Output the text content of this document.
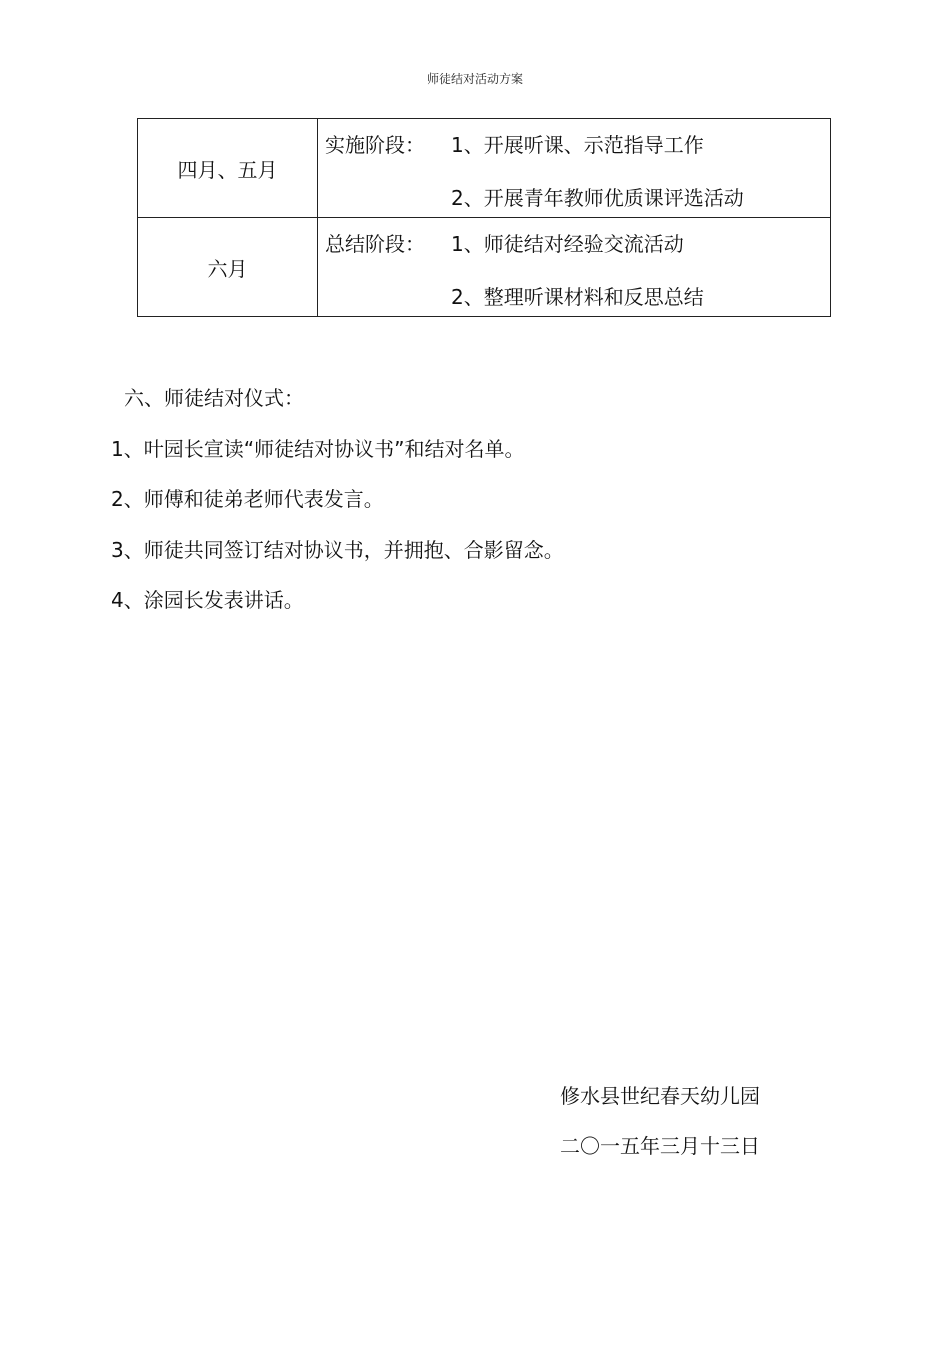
师徒结对活动方案
四月、五月	实施阶段： 1、开展听课、示范指导工作
2、开展青年教师优质课评选活动

六月	总结阶段： 1、师徒结对经验交流活动
2、整理听课材料和反思总结
六、师徒结对仪式：
1、叶园长宣读“师徒结对协议书”和结对名单。
2、师傅和徒弟老师代表发言。
3、师徒共同签订结对协议书，并拥抱、合影留念。
4、涂园长发表讲话。
修水县世纪春天幼儿园
二〇一五年三月十三日
